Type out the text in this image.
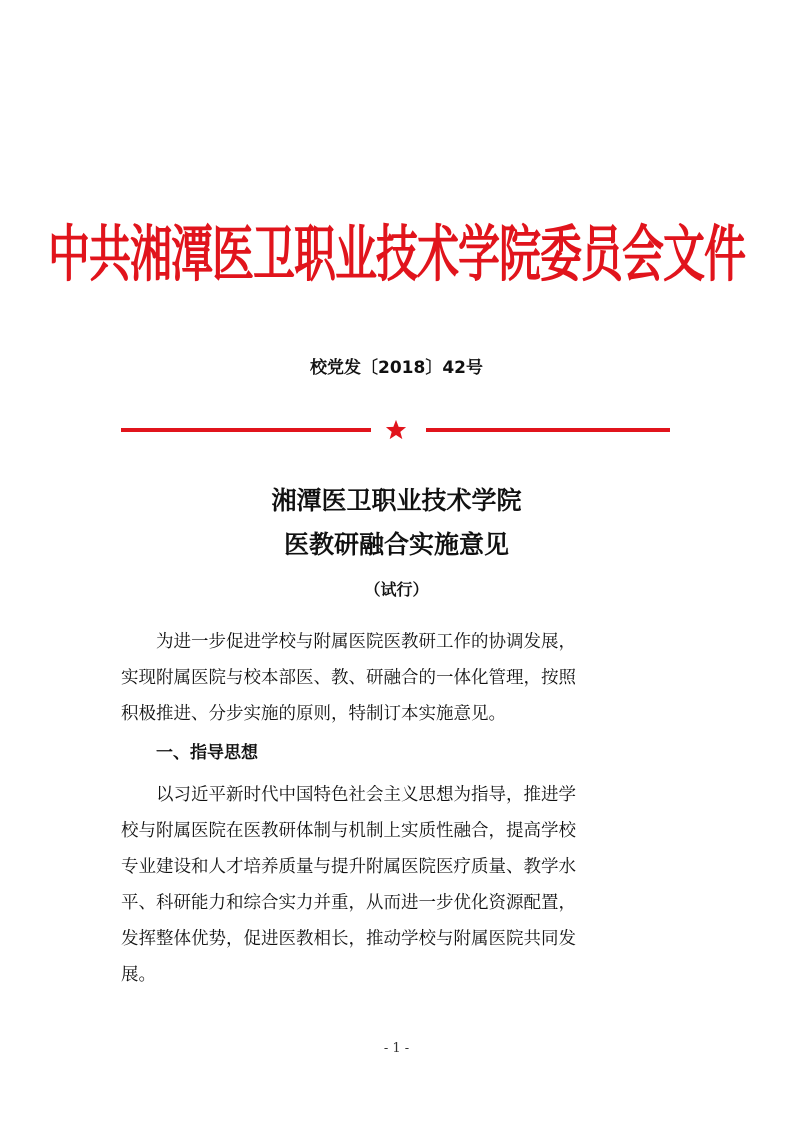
中共湘潭医卫职业技术学院委员会文件
校党发〔2018〕42号
湘潭医卫职业技术学院
医教研融合实施意见
（试行）
为进一步促进学校与附属医院医教研工作的协调发展，
实现附属医院与校本部医、教、研融合的一体化管理，按照
积极推进、分步实施的原则，特制订本实施意见。
一、指导思想
以习近平新时代中国特色社会主义思想为指导，推进学
校与附属医院在医教研体制与机制上实质性融合，提高学校
专业建设和人才培养质量与提升附属医院医疗质量、教学水
平、科研能力和综合实力并重，从而进一步优化资源配置，
发挥整体优势，促进医教相长，推动学校与附属医院共同发
展。
- 1 -
